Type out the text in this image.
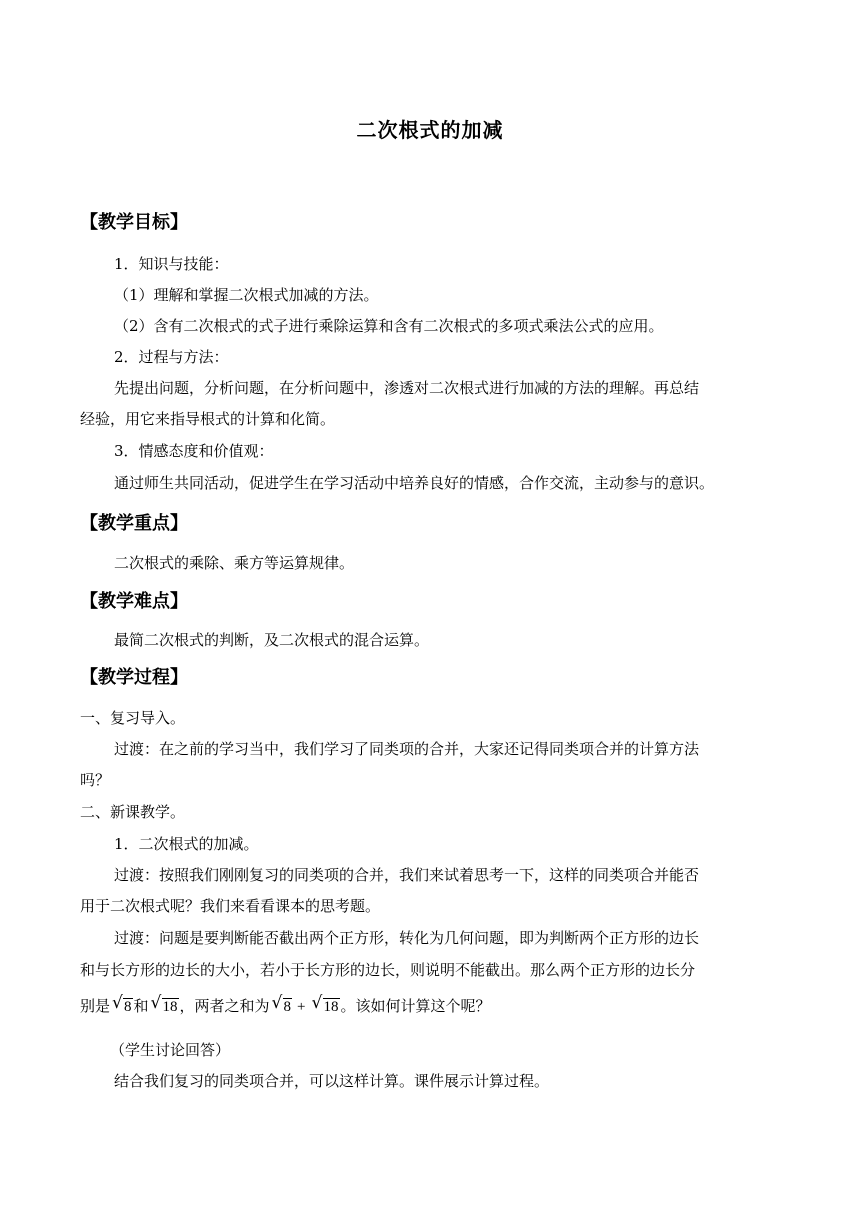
二次根式的加减
【教学目标】
1．知识与技能：
（1）理解和掌握二次根式加减的方法。
（2）含有二次根式的式子进行乘除运算和含有二次根式的多项式乘法公式的应用。
2．过程与方法：
先提出问题，分析问题，在分析问题中，渗透对二次根式进行加减的方法的理解。再总结
经验，用它来指导根式的计算和化简。
3．情感态度和价值观：
通过师生共同活动，促进学生在学习活动中培养良好的情感，合作交流，主动参与的意识。
【教学重点】
二次根式的乘除、乘方等运算规律。
【教学难点】
最简二次根式的判断，及二次根式的混合运算。
【教学过程】
一、复习导入。
过渡：在之前的学习当中，我们学习了同类项的合并，大家还记得同类项合并的计算方法
吗？
二、新课教学。
1．二次根式的加减。
过渡：按照我们刚刚复习的同类项的合并，我们来试着思考一下，这样的同类项合并能否
用于二次根式呢？我们来看看课本的思考题。
过渡：问题是要判断能否截出两个正方形，转化为几何问题，即为判断两个正方形的边长
和与长方形的边长的大小，若小于长方形的边长，则说明不能截出。那么两个正方形的边长分
别是 √ 8 和 √ 18 ，两者之和为 √ 8 + √ 18 。该如何计算这个呢？
（学生讨论回答）
结合我们复习的同类项合并，可以这样计算。课件展示计算过程。
